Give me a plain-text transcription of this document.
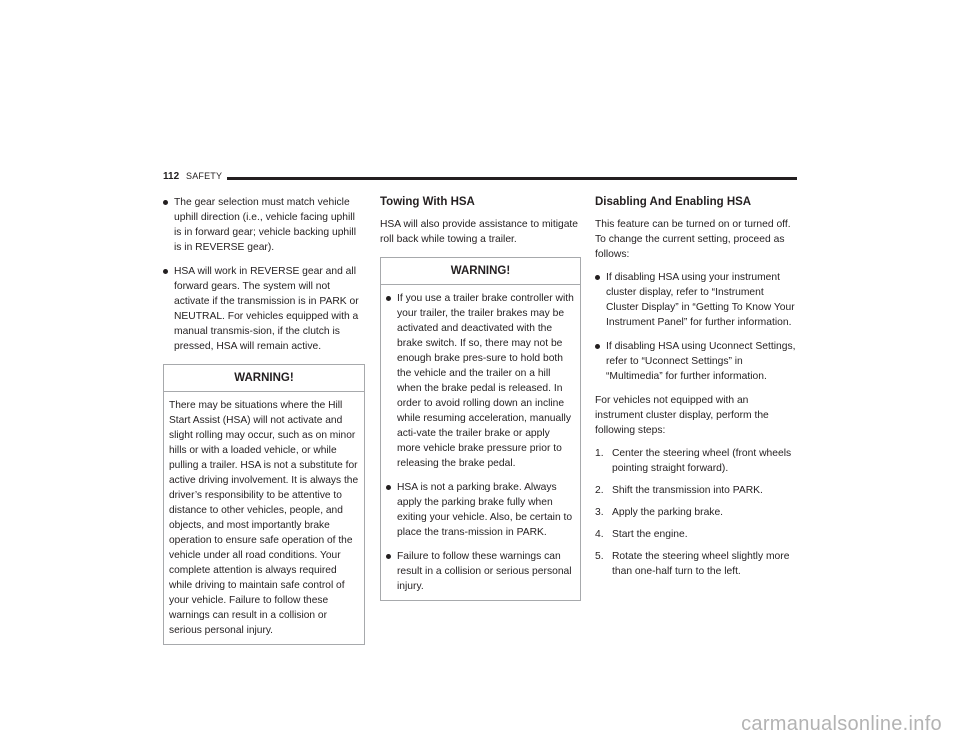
112 SAFETY
The gear selection must match vehicle uphill direction (i.e., vehicle facing uphill is in forward gear; vehicle backing uphill is in REVERSE gear).
HSA will work in REVERSE gear and all forward gears. The system will not activate if the transmission is in PARK or NEUTRAL. For vehicles equipped with a manual transmis-sion, if the clutch is pressed, HSA will remain active.
WARNING!
There may be situations where the Hill Start Assist (HSA) will not activate and slight rolling may occur, such as on minor hills or with a loaded vehicle, or while pulling a trailer. HSA is not a substitute for active driving involvement. It is always the driver’s responsibility to be attentive to distance to other vehicles, people, and objects, and most importantly brake operation to ensure safe operation of the vehicle under all road conditions. Your complete attention is always required while driving to maintain safe control of your vehicle. Failure to follow these warnings can result in a collision or serious personal injury.
Towing With HSA

HSA will also provide assistance to mitigate roll back while towing a trailer.

WARNING!
If you use a trailer brake controller with your trailer, the trailer brakes may be activated and deactivated with the brake switch. If so, there may not be enough brake pres-sure to hold both the vehicle and the trailer on a hill when the brake pedal is released. In order to avoid rolling down an incline while resuming acceleration, manually acti-vate the trailer brake or apply more vehicle brake pressure prior to releasing the brake pedal.
HSA is not a parking brake. Always apply the parking brake fully when exiting your vehicle. Also, be certain to place the trans-mission in PARK.
Failure to follow these warnings can result in a collision or serious personal injury.
Disabling And Enabling HSA

This feature can be turned on or turned off. To change the current setting, proceed as follows:

If disabling HSA using your instrument cluster display, refer to “Instrument Cluster Display” in “Getting To Know Your Instrument Panel” for further information.
If disabling HSA using Uconnect Settings, refer to “Uconnect Settings” in “Multimedia” for further information.

For vehicles not equipped with an instrument cluster display, perform the following steps:

1. Center the steering wheel (front wheels pointing straight forward).
2. Shift the transmission into PARK.
3. Apply the parking brake.
4. Start the engine.
5. Rotate the steering wheel slightly more than one-half turn to the left.
carmanualsonline.info
